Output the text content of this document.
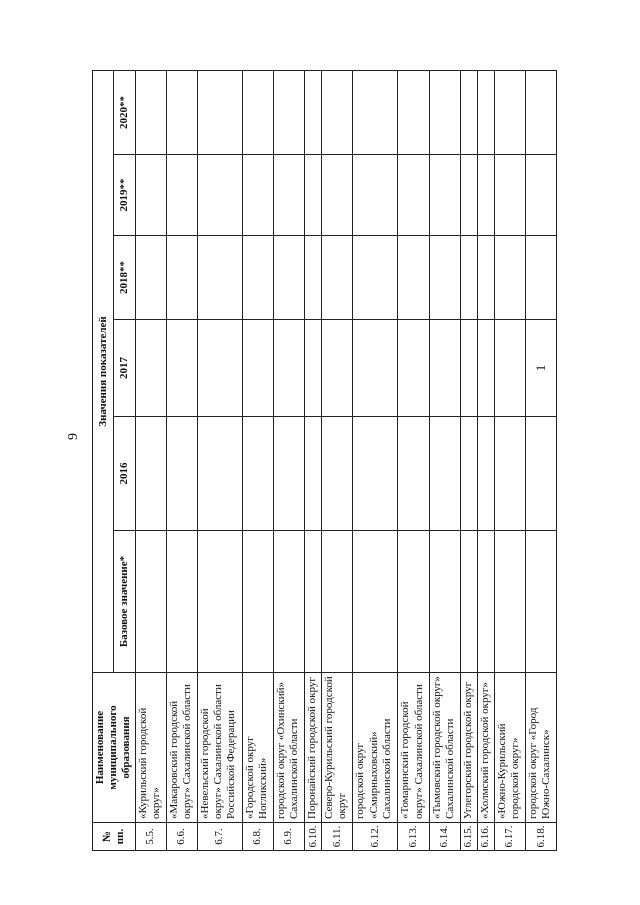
9
№ пп.	Наименование муниципального образования	Значения показателей					
		Базовое значение*	2016	2017	2018**	2019**	2020**
5.5.	«Курильский городской округ»						
6.6.	«Макаровский городской округ» Сахалинской области						
6.7.	«Невельский городской округ» Сахалинской области Российской Федерации						
6.8.	«Городской округ Ногликский»						
6.9.	городской округ «Охинский» Сахалинской области						
6.10.	Поронайский городской округ						
6.11.	Северо-Курильский городской округ						
6.12.	городской округ «Смирныховский» Сахалинской области						
6.13.	«Томаринский городской округ» Сахалинской области						
6.14.	«Тымовский городской округ» Сахалинской области						
6.15.	Углегорский городской округ						
6.16.	«Холмский городской округ»						
6.17.	«Южно-Курильский городской округ»						
6.18.	городской округ «Город Южно-Сахалинск»			1			
